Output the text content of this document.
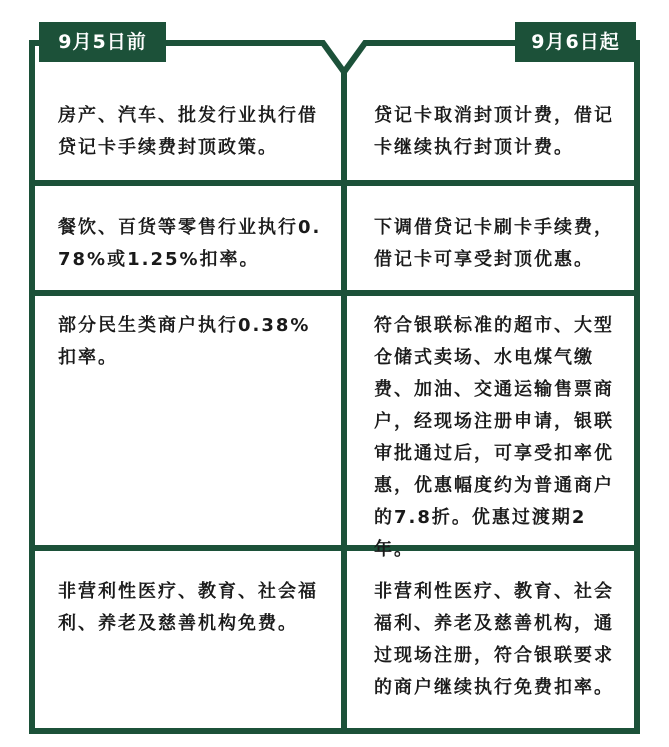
9月5日前	9月6日起
房产、汽车、批发行业执行借贷记卡手续费封顶政策。
贷记卡取消封顶计费，借记卡继续执行封顶计费。
餐饮、百货等零售行业执行0.78%或1.25%扣率。
下调借贷记卡刷卡手续费，借记卡可享受封顶优惠。
部分民生类商户执行0.38%扣率。
符合银联标准的超市、大型仓储式卖场、水电煤气缴费、加油、交通运输售票商户，经现场注册申请，银联审批通过后，可享受扣率优惠，优惠幅度约为普通商户的7.8折。优惠过渡期2年。
非营利性医疗、教育、社会福利、养老及慈善机构免费。
非营利性医疗、教育、社会福利、养老及慈善机构，通过现场注册，符合银联要求的商户继续执行免费扣率。
